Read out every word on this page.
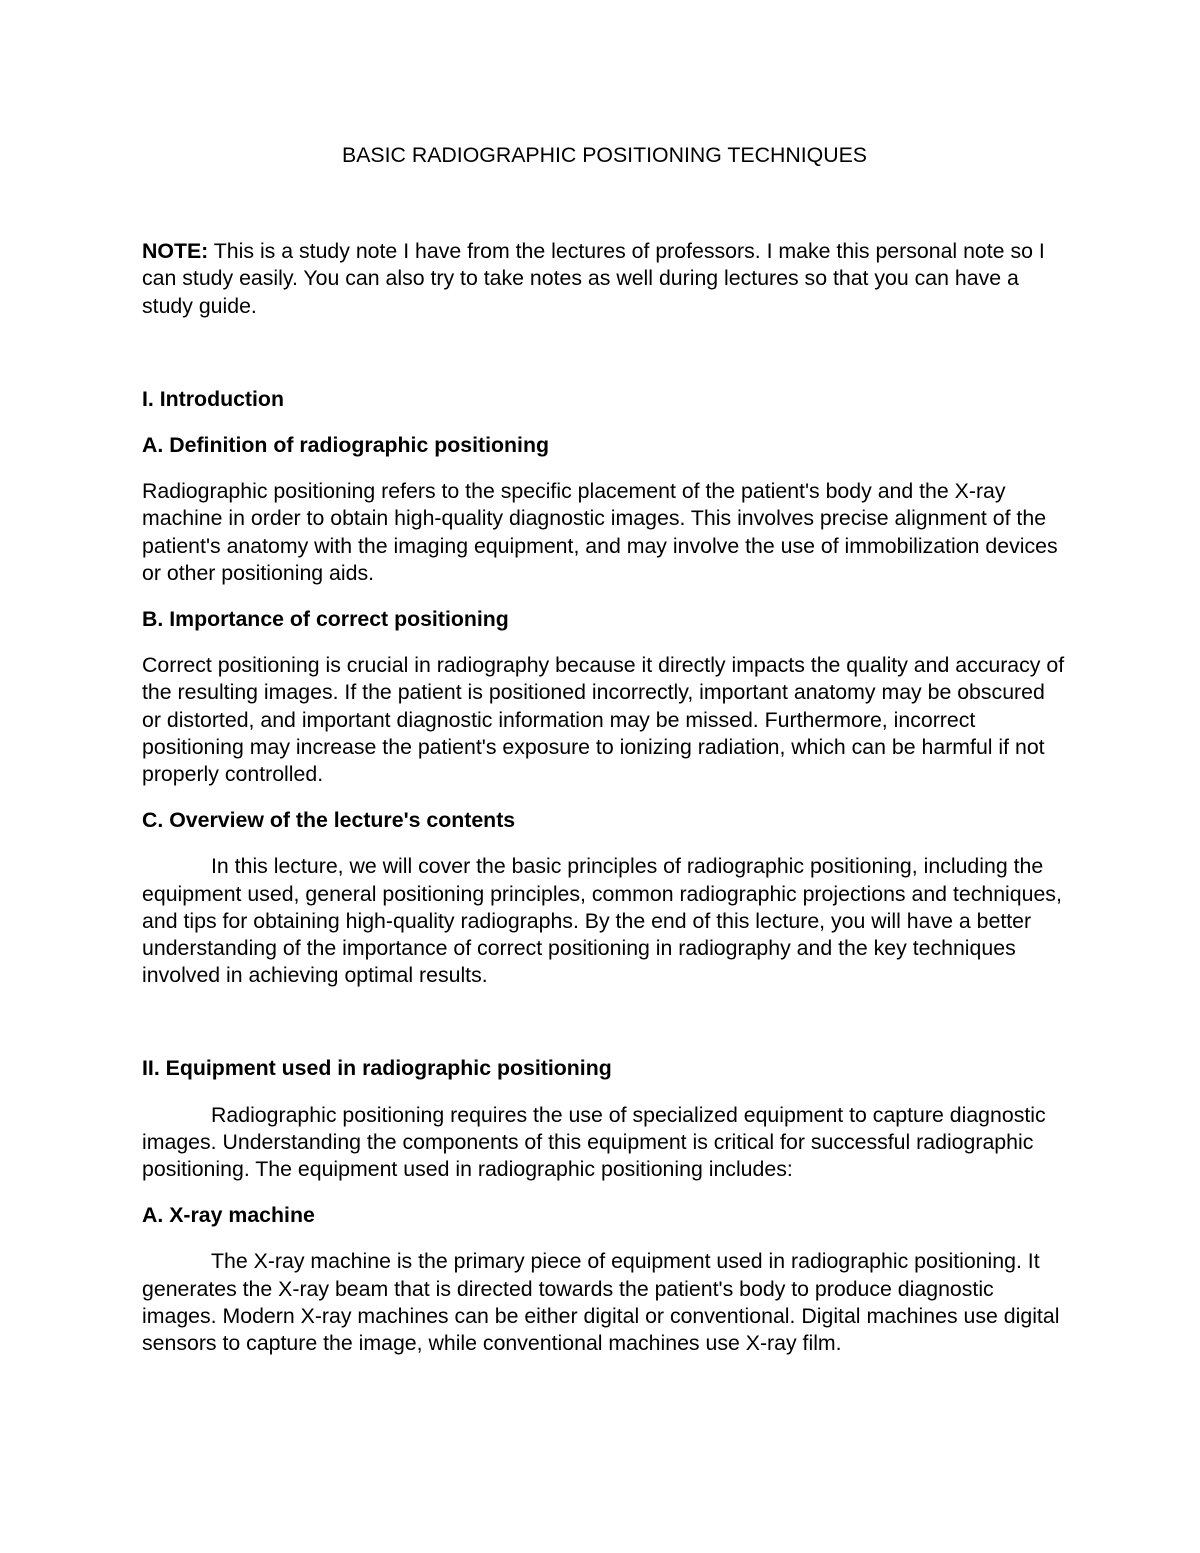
BASIC RADIOGRAPHIC POSITIONING TECHNIQUES

NOTE: This is a study note I have from the lectures of professors. I make this personal note so I can study easily. You can also try to take notes as well during lectures so that you can have a study guide.

I. Introduction

A. Definition of radiographic positioning

Radiographic positioning refers to the specific placement of the patient's body and the X-ray machine in order to obtain high-quality diagnostic images. This involves precise alignment of the patient's anatomy with the imaging equipment, and may involve the use of immobilization devices or other positioning aids.

B. Importance of correct positioning

Correct positioning is crucial in radiography because it directly impacts the quality and accuracy of the resulting images. If the patient is positioned incorrectly, important anatomy may be obscured or distorted, and important diagnostic information may be missed. Furthermore, incorrect positioning may increase the patient's exposure to ionizing radiation, which can be harmful if not properly controlled.

C. Overview of the lecture's contents

In this lecture, we will cover the basic principles of radiographic positioning, including the equipment used, general positioning principles, common radiographic projections and techniques, and tips for obtaining high-quality radiographs. By the end of this lecture, you will have a better understanding of the importance of correct positioning in radiography and the key techniques involved in achieving optimal results.

II. Equipment used in radiographic positioning

Radiographic positioning requires the use of specialized equipment to capture diagnostic images. Understanding the components of this equipment is critical for successful radiographic positioning. The equipment used in radiographic positioning includes:

A. X-ray machine

The X-ray machine is the primary piece of equipment used in radiographic positioning. It generates the X-ray beam that is directed towards the patient's body to produce diagnostic images. Modern X-ray machines can be either digital or conventional. Digital machines use digital sensors to capture the image, while conventional machines use X-ray film.
